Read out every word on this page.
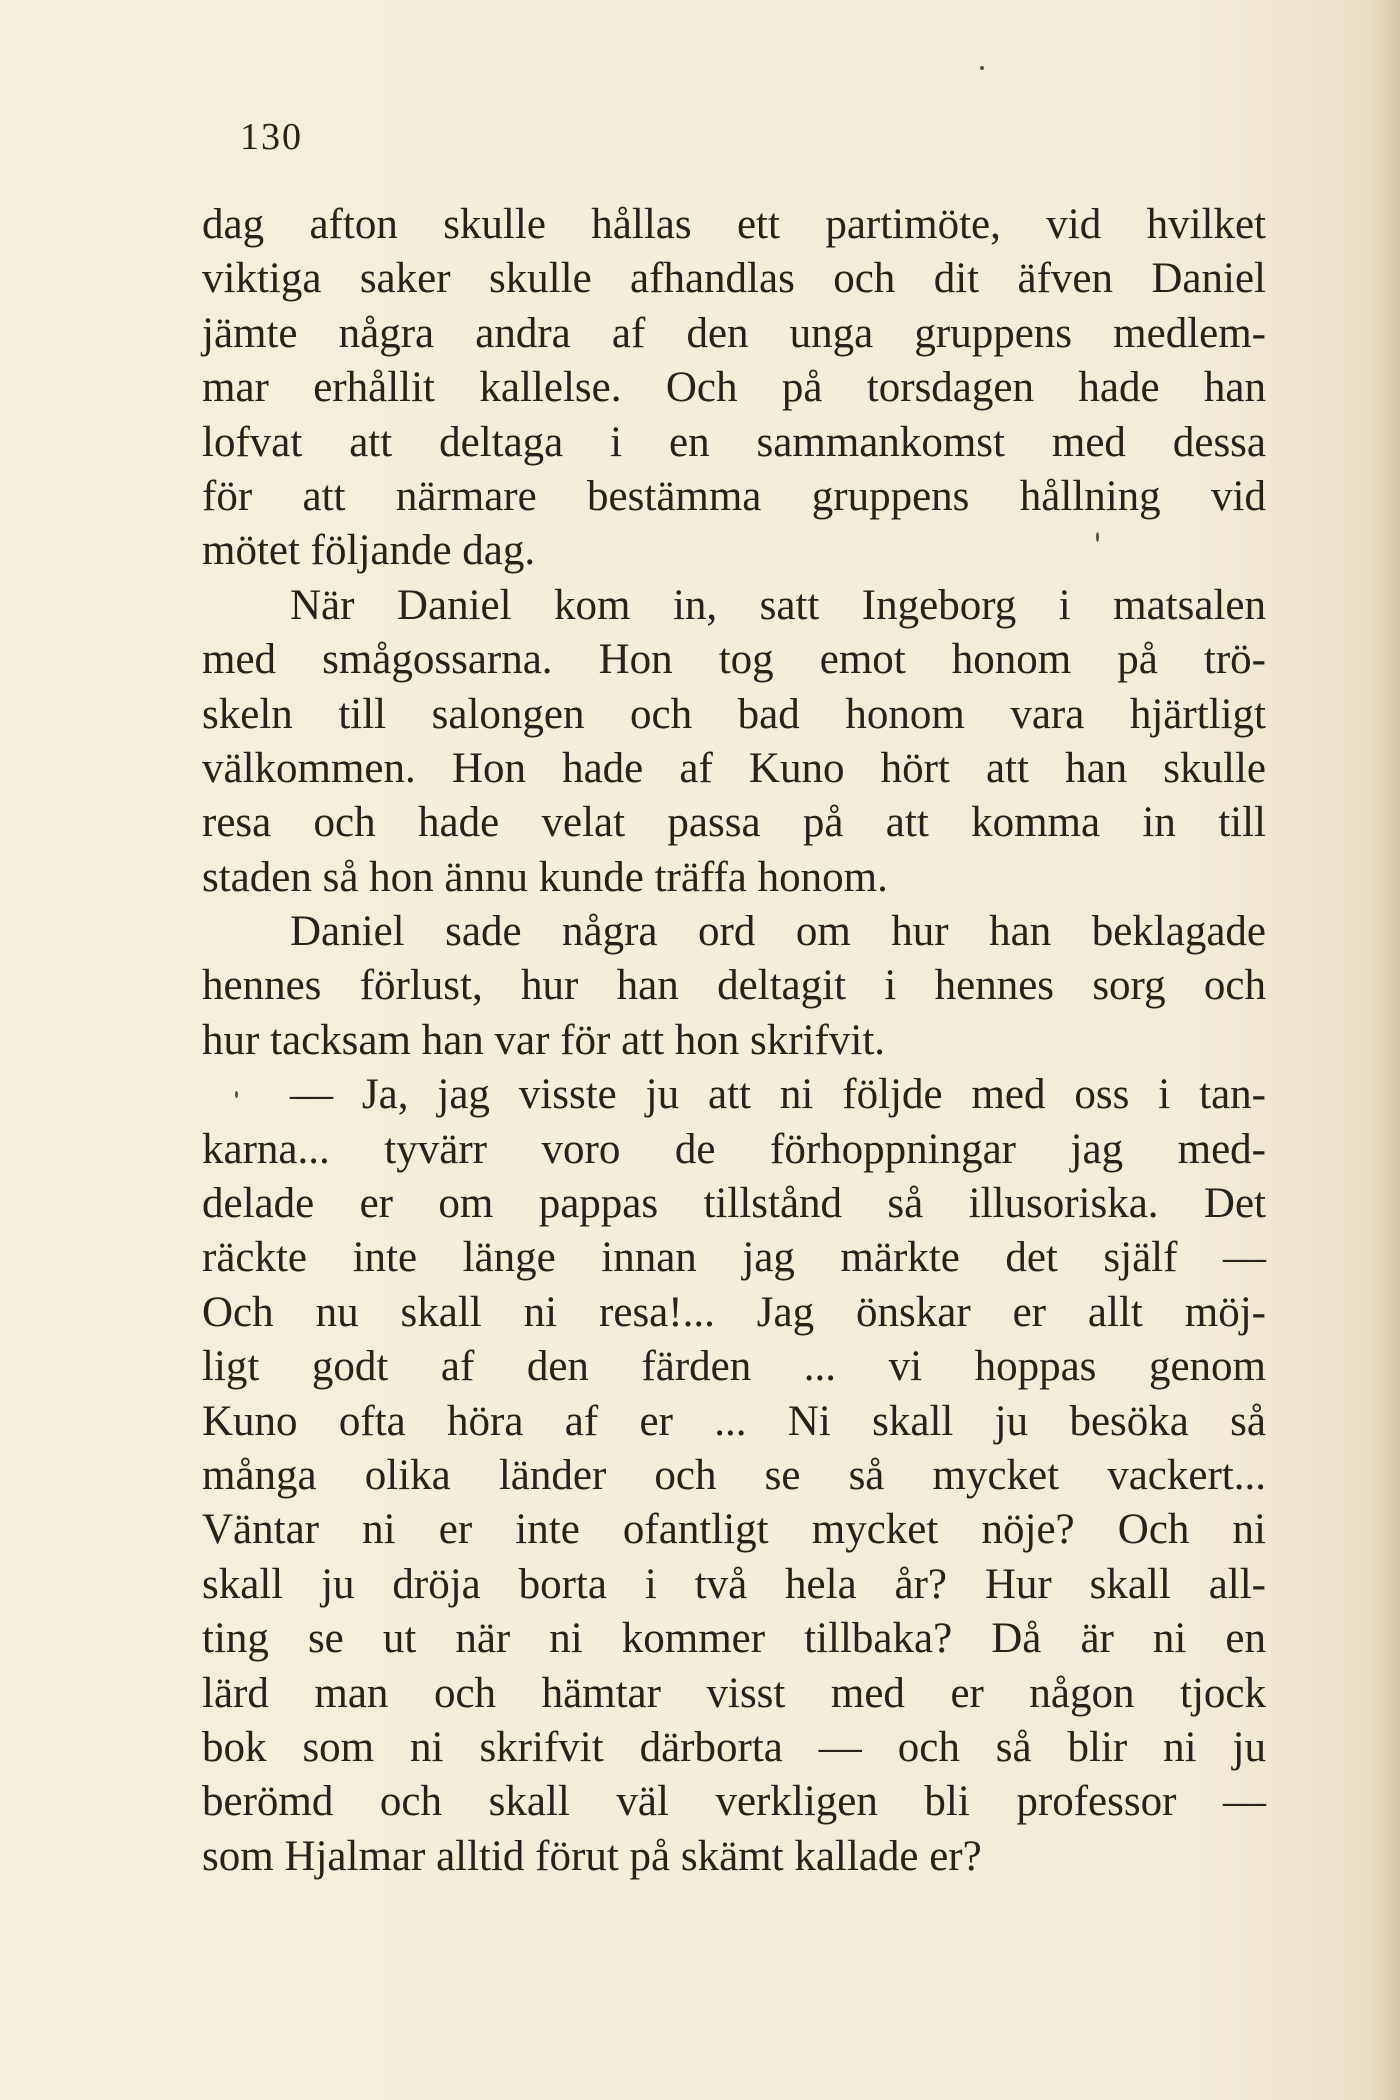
130
dag afton skulle hållas ett partimöte, vid hvilket
viktiga saker skulle afhandlas och dit äfven Daniel
jämte några andra af den unga gruppens medlem-
mar erhållit kallelse. Och på torsdagen hade han
lofvat att deltaga i en sammankomst med dessa
för att närmare bestämma gruppens hållning vid
mötet följande dag.
När Daniel kom in, satt Ingeborg i matsalen
med smågossarna. Hon tog emot honom på trö-
skeln till salongen och bad honom vara hjärtligt
välkommen. Hon hade af Kuno hört att han skulle
resa och hade velat passa på att komma in till
staden så hon ännu kunde träffa honom.
Daniel sade några ord om hur han beklagade
hennes förlust, hur han deltagit i hennes sorg och
hur tacksam han var för att hon skrifvit.
— Ja, jag visste ju att ni följde med oss i tan-
karna... tyvärr voro de förhoppningar jag med-
delade er om pappas tillstånd så illusoriska. Det
räckte inte länge innan jag märkte det själf —
Och nu skall ni resa!... Jag önskar er allt möj-
ligt godt af den färden ... vi hoppas genom
Kuno ofta höra af er ... Ni skall ju besöka så
många olika länder och se så mycket vackert...
Väntar ni er inte ofantligt mycket nöje? Och ni
skall ju dröja borta i två hela år? Hur skall all-
ting se ut när ni kommer tillbaka? Då är ni en
lärd man och hämtar visst med er någon tjock
bok som ni skrifvit därborta — och så blir ni ju
berömd och skall väl verkligen bli professor —
som Hjalmar alltid förut på skämt kallade er?
